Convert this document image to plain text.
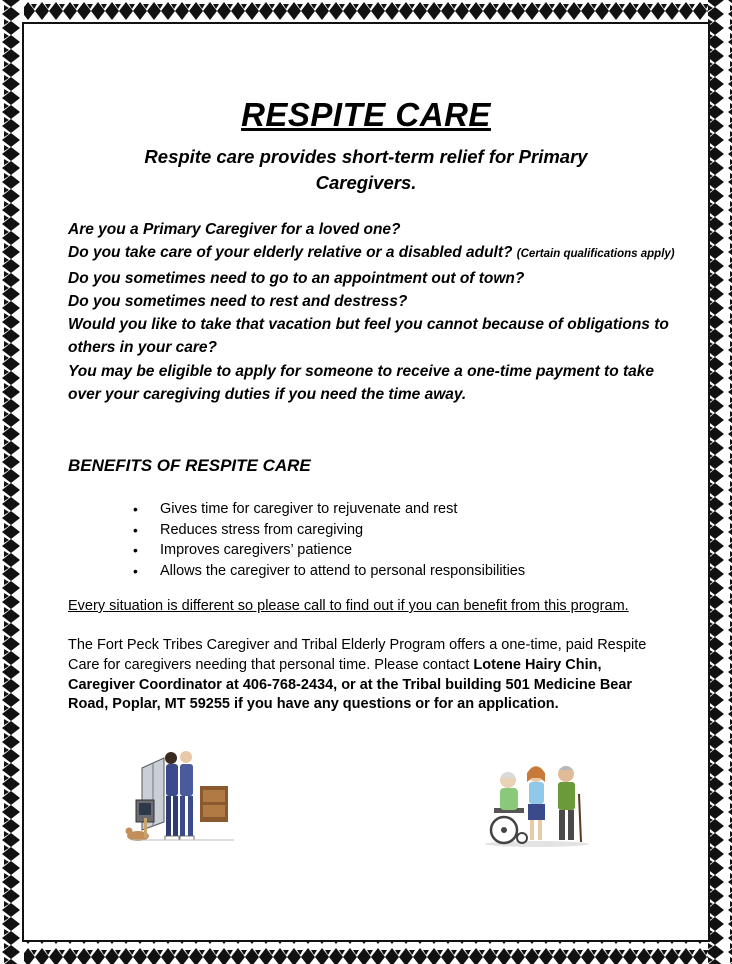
RESPITE CARE
Respite care provides short-term relief for Primary Caregivers.
Are you a Primary Caregiver for a loved one?
Do you take care of your elderly relative or a disabled adult? (Certain qualifications apply)
Do you sometimes need to go to an appointment out of town?
Do you sometimes need to rest and destress?
Would you like to take that vacation but feel you cannot because of obligations to others in your care?
You may be eligible to apply for someone to receive a one-time payment to take over your caregiving duties if you need the time away.
BENEFITS OF RESPITE CARE
• Gives time for caregiver to rejuvenate and rest
• Reduces stress from caregiving
• Improves caregivers’ patience
• Allows the caregiver to attend to personal responsibilities
Every situation is different so please call to find out if you can benefit from this program.
The Fort Peck Tribes Caregiver and Tribal Elderly Program offers a one-time, paid Respite Care for caregivers needing that personal time. Please contact Lotene Hairy Chin, Caregiver Coordinator at 406-768-2434, or at the Tribal building 501 Medicine Bear Road, Poplar, MT 59255 if you have any questions or for an application.
